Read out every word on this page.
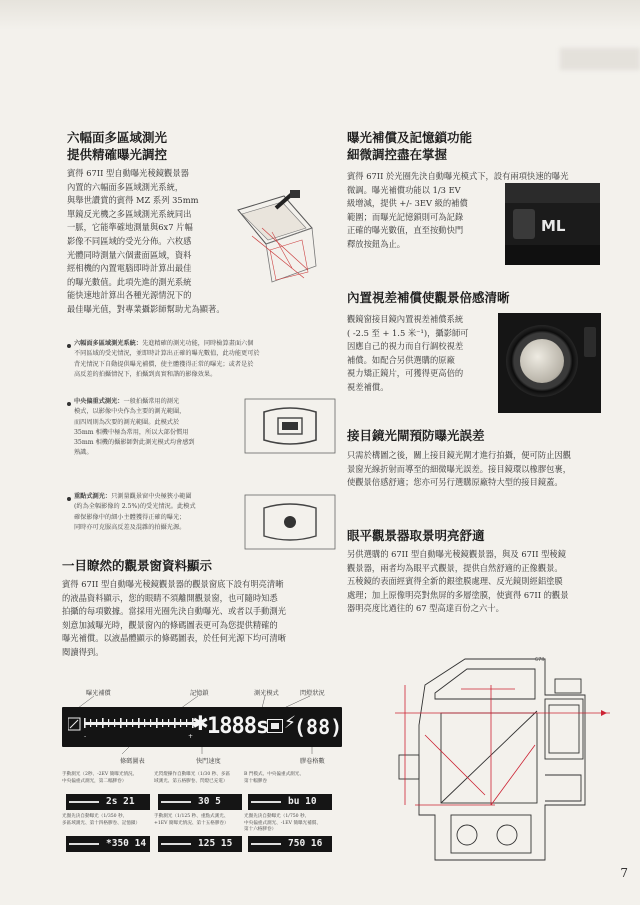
六幅面多區域測光
提供精確曝光調控
賓得 67II 型自動曝光稜鏡觀景器
內置的六幅面多區域測光系統，
與舉世讚賞的賓得 MZ 系列 35mm
單鏡反光機之多區域測光系統同出
一脈，它能準確地測量與6x7 片幅
影像不同區域的受光分佈。六枚感
光體同時測量六個畫面區域，資料
經相機的內置電腦即時計算出最佳
的曝光數值。此項先進的測光系統
能快速地計算出各種光源情況下的
最佳曝光值，對專業攝影師幫助尤為顯著。
六幅面多區域測光系統：先進精確的測光功能，同時檢算畫面六個
不同區域的受光情況，並即時計算出正確的曝光數值，此功能更可於
背光情況下自動提供曝光補償，使主體獲得正常的曝光；或者是於
高反差的拍攝情況下，拍攝到真實和諧的影像效果。
中央偏重式測光：一般拍攝常用的測光
模式，以影像中央作為主要的測光範圍，
而四周則為次要的測光範圍。此模式於
35mm 相機中極為常用，所以大部份慣用
35mm 相機的攝影師對此測光模式均會感到
熟識。
重點式測光：只測量觀景窗中央極狹小範圍
(約為全幅影像的 2.5%)的受光情況。此模式
確保影像中的細小主體獲得正確的曝光；
同時亦可克服高反差及混雜的拍攝光源。
一目瞭然的觀景窗資料顯示
賓得 67II 型自動曝光稜鏡觀景器的觀景窗底下設有明亮清晰
的液晶資料顯示，您的眼睛不須離開觀景窗，也可隨時知悉
拍攝的每項數據。當採用光圈先決自動曝光、或者以手動測光
刻意加減曝光時，觀景窗內的條碼圖表更可為您提供精確的
曝光補償。以液晶體顯示的條碼圖表，於任何光源下均可清晰
閱讀得到。
曝光補償	記憶鎖	測光模式	閃燈狀況
-	+
✱
1888s ⚡
(88)
條碼圖表	快門速度	膠卷格數
手動測光（2秒、-2EV 簡曝光情況、
中央偏重式測光，第二幅膠卷）
2s 21
光閃燈操作自動曝光（1/30 秒、多區
域測光、第五格膠卷、閃燈已充電）
30 5
B 門模式、中央偏重式測光、
第十幅膠卷
bu 10
光圈先決自動曝光（1/350 秒、
多區域測光、第十四格膠卷、記憶鎖）
*350 14
手動測光（1/125 秒、重點式測光、
+1EV 簡曝光情況、第十五格膠卷）
125 15
光圈先決自動曝光（1/750 秒、
中央偏重式測光、-1EV 簡曝光補償、
第十六格膠卷）
750 16
曝光補償及記憶鎖功能
細微調控盡在掌握
賓得 67II 於光圈先決自動曝光模式下，設有兩項快速的曝光
微調。曝光補償功能以 1/3 EV
級增減，提供 +/- 3EV 級的補償
範圍；而曝光記憶鎖則可為記錄
正確的曝光數值，直至按動快門
釋放按鈕為止。
ML
內置視差補償使觀景倍感清晰
觀鏡窗接目鏡內置視差補償系統
( -2.5 至 + 1.5 米⁻¹)，攝影師可
因應自己的視力而自行調校視差
補償。如配合另供選購的原廠
視力矯正鏡片，可獲得更高倍的
視差補償。
接目鏡光閘預防曝光誤差
只需於構圖之後，關上接目鏡光閘才進行拍攝，便可防止因觀
景窗光線折射而導至的細微曝光誤差。接目鏡環以橡膠包裹，
使觀景倍感舒適；您亦可另行選購原廠特大型的接目鏡蓋。
眼平觀景器取景明亮舒適
另供選購的 67II 型自動曝光稜鏡觀景器，與及 67II 型稜鏡
觀景器，兩者均為眼平式觀景，提供自然舒適的正像觀景。
五稜鏡的表面經賓得全新的銀塗膜處理、反光鏡則經鋁塗膜
處理；加上原像明亮對焦屏的多層塗膜，使賓得 67II 的觀景
器明亮度比過往的 67 型高達百份之六十。
67II
7
